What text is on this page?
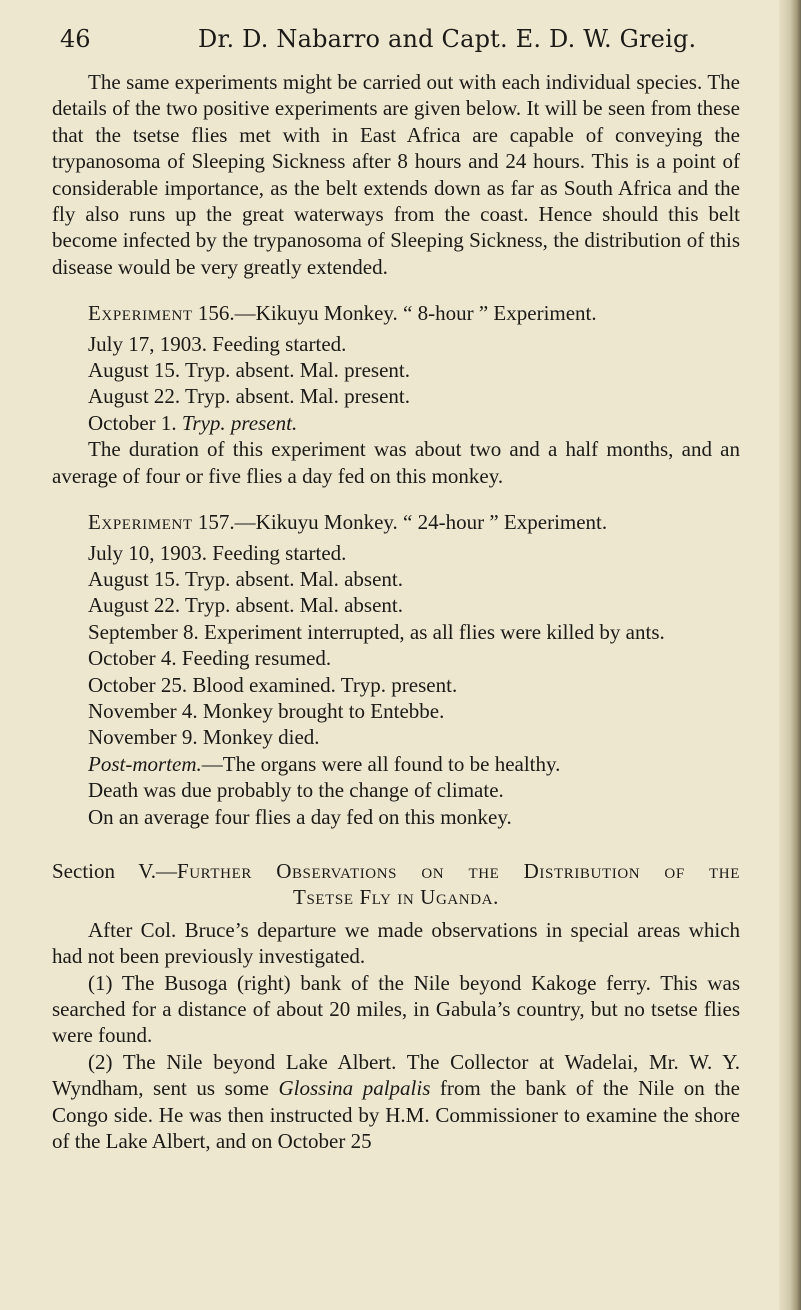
46	Dr. D. Nabarro and Capt. E. D. W. Greig.

The same experiments might be carried out with each individual species. The details of the two positive experiments are given below. It will be seen from these that the tsetse flies met with in East Africa are capable of conveying the trypanosoma of Sleeping Sickness after 8 hours and 24 hours. This is a point of considerable importance, as the belt extends down as far as South Africa and the fly also runs up the great waterways from the coast. Hence should this belt become infected by the trypanosoma of Sleeping Sickness, the distribution of this disease would be very greatly extended.

Experiment 156.—Kikuyu Monkey. “ 8-hour ” Experiment.

July 17, 1903. Feeding started.

August 15. Tryp. absent. Mal. present.

August 22. Tryp. absent. Mal. present.

October 1. Tryp. present.

The duration of this experiment was about two and a half months, and an average of four or five flies a day fed on this monkey.

Experiment 157.—Kikuyu Monkey. “ 24-hour ” Experiment.

July 10, 1903. Feeding started.

August 15. Tryp. absent. Mal. absent.

August 22. Tryp. absent. Mal. absent.

September 8. Experiment interrupted, as all flies were killed by ants.

October 4. Feeding resumed.

October 25. Blood examined. Tryp. present.

November 4. Monkey brought to Entebbe.

November 9. Monkey died.

Post-mortem.—The organs were all found to be healthy.

Death was due probably to the change of climate.

On an average four flies a day fed on this monkey.

Section V.—Further Observations on the Distribution of the

Tsetse Fly in Uganda.

After Col. Bruce’s departure we made observations in special areas which had not been previously investigated.

(1) The Busoga (right) bank of the Nile beyond Kakoge ferry. This was searched for a distance of about 20 miles, in Gabula’s country, but no tsetse flies were found.

(2) The Nile beyond Lake Albert. The Collector at Wadelai, Mr. W. Y. Wyndham, sent us some Glossina palpalis from the bank of the Nile on the Congo side. He was then instructed by H.M. Commissioner to examine the shore of the Lake Albert, and on October 25
